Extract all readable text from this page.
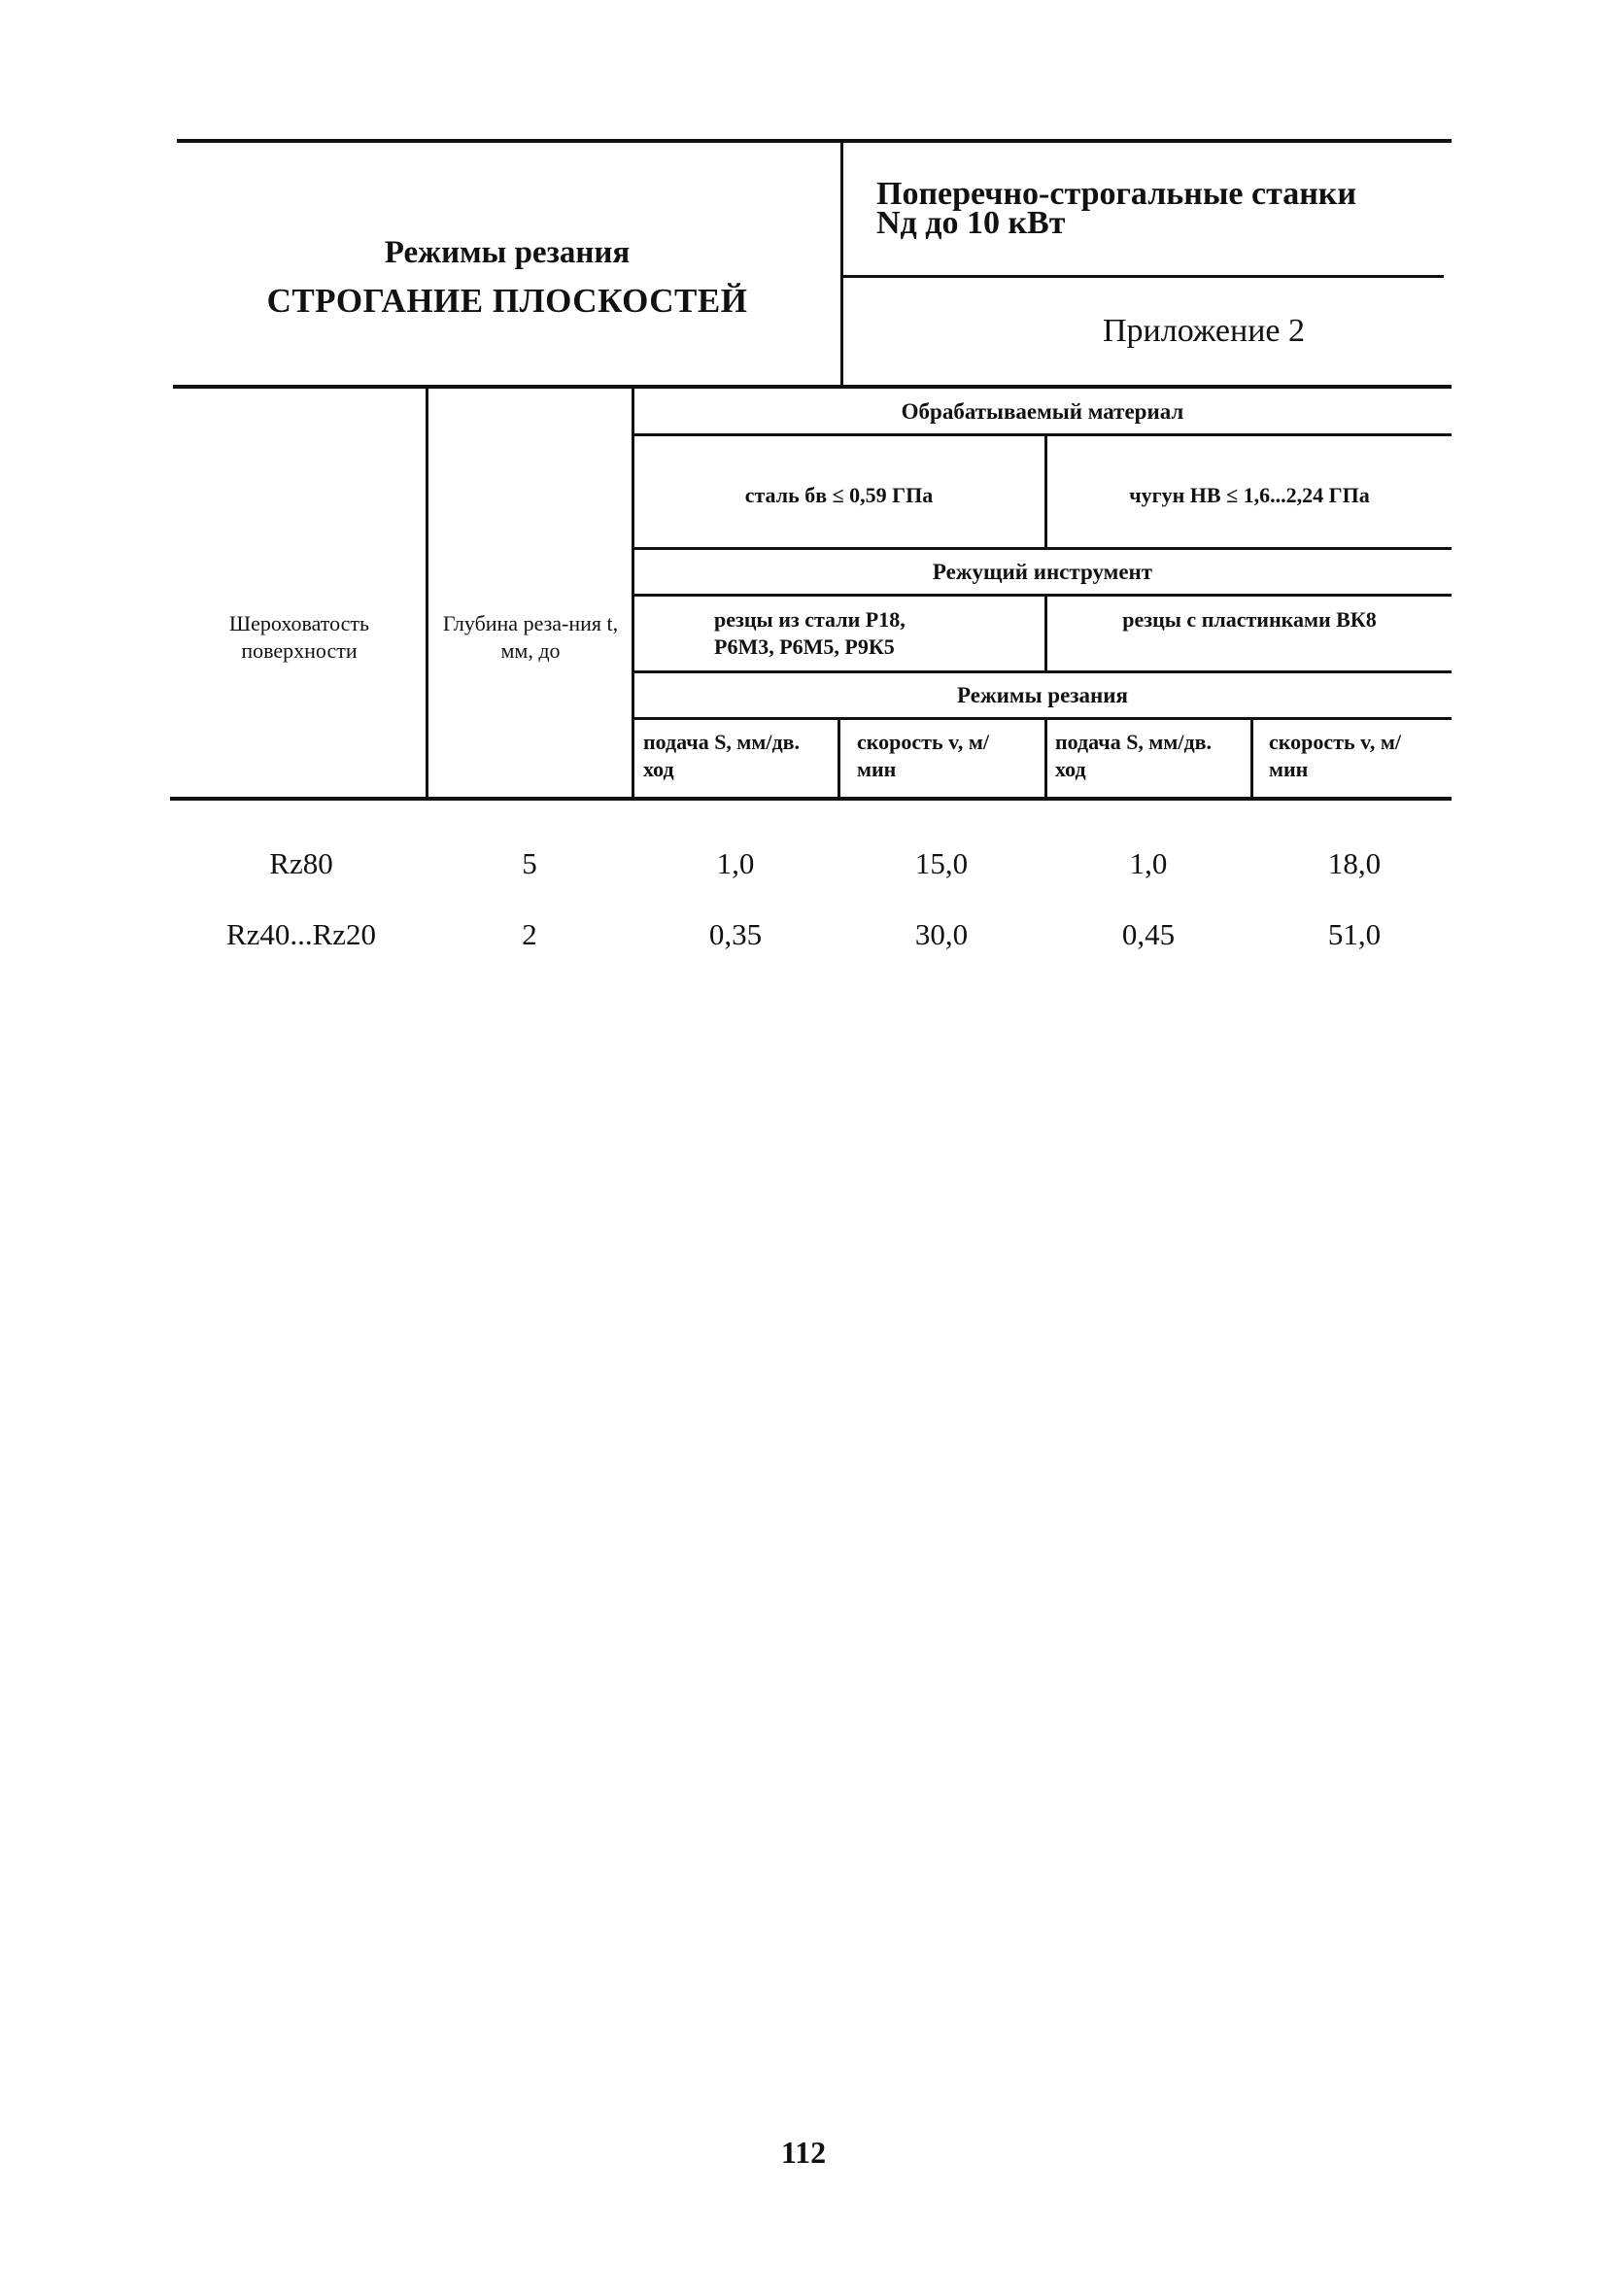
Режимы резания
СТРОГАНИЕ ПЛОСКОСТЕЙ
Поперечно-строгальные станки
Nд до 10 кВт
Приложение 2
Шероховатость поверхности
Глубина реза-ния t, мм, до
Обрабатываемый материал
сталь бв ≤ 0,59 ГПа	чугун НВ ≤ 1,6...2,24 ГПа
Режущий инструмент
резцы из стали Р18, Р6М3, Р6М5, Р9К5
резцы с пластинками ВК8
Режимы резания
подача S, мм/дв. ход
скорость v, м/мин
подача S, мм/дв. ход
скорость v, м/мин
Rz80	5	1,0	15,0	1,0	18,0
Rz40...Rz20	2	0,35	30,0	0,45	51,0
112
